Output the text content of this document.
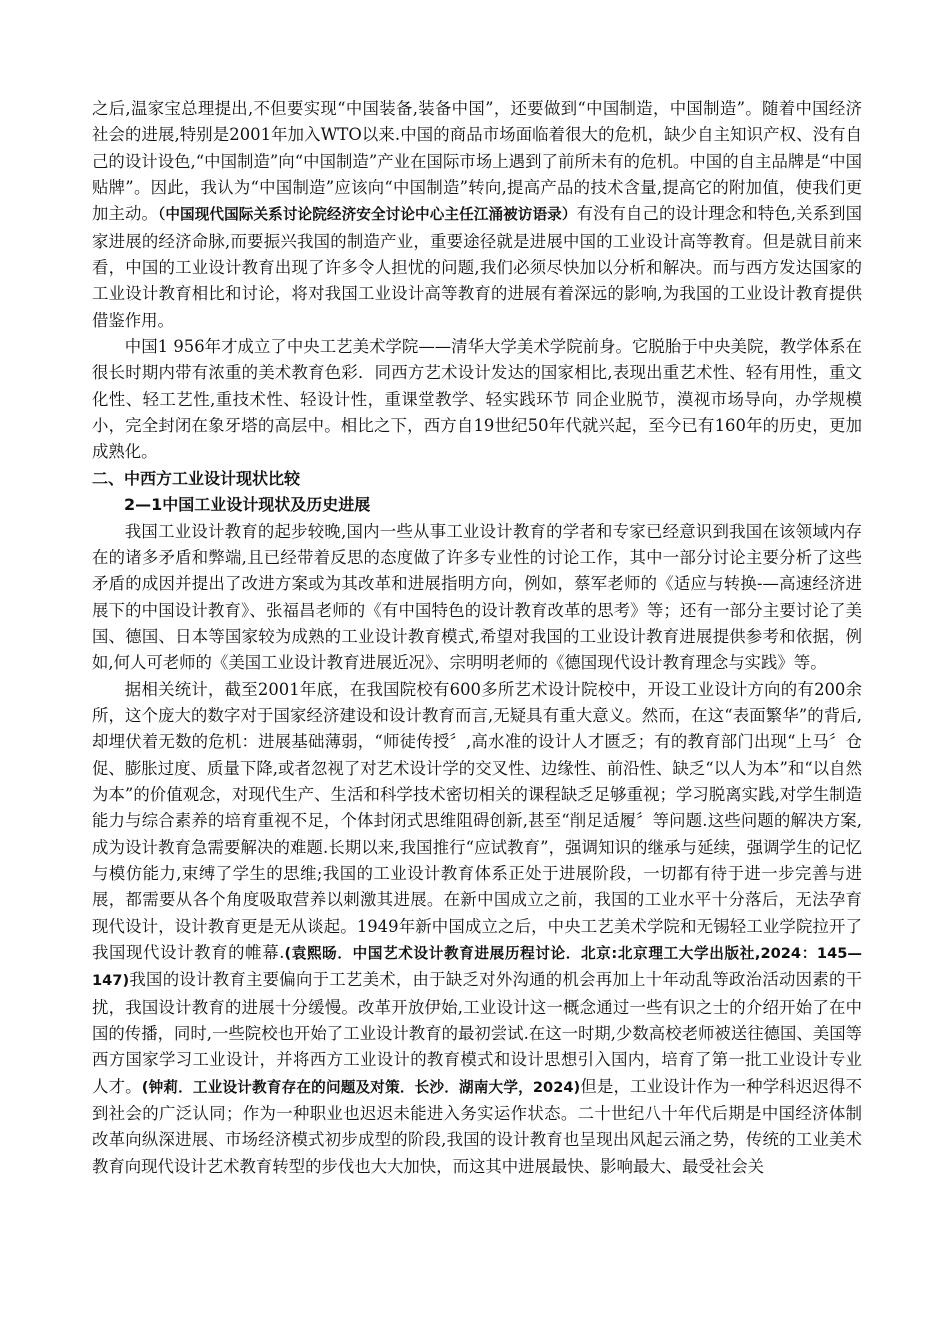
之后,温家宝总理提出,不但要实现“中国装备,装备中国”，还要做到“中国制造，中国制造”。随着中国经济社会的进展,特别是2001年加入WTO以来.中国的商品市场面临着很大的危机，缺少自主知识产权、没有自己的设计设色,“中国制造”向“中国制造”产业在国际市场上遇到了前所未有的危机。中国的自主品牌是“中国贴牌”。因此，我认为“中国制造”应该向“中国制造”转向,提高产品的技术含量,提高它的附加值，使我们更加主动。（中国现代国际关系讨论院经济安全讨论中心主任江涌被访语录）有没有自己的设计理念和特色,关系到国家进展的经济命脉,而要振兴我国的制造产业，重要途径就是进展中国的工业设计高等教育。但是就目前来看，中国的工业设计教育出现了许多令人担忧的问题,我们必须尽快加以分析和解决。而与西方发达国家的工业设计教育相比和讨论，将对我国工业设计高等教育的进展有着深远的影响,为我国的工业设计教育提供借鉴作用。

中国1 956年才成立了中央工艺美术学院——清华大学美术学院前身。它脱胎于中央美院，教学体系在很长时期内带有浓重的美术教育色彩．同西方艺术设计发达的国家相比,表现出重艺术性、轻有用性，重文化性、轻工艺性,重技术性、轻设计性，重课堂教学、轻实践环节 同企业脱节，漠视市场导向，办学规模小，完全封闭在象牙塔的高层中。相比之下，西方自19世纪50年代就兴起，至今已有160年的历史，更加成熟化。

二、中西方工业设计现状比较

2—1中国工业设计现状及历史进展

我国工业设计教育的起步较晚,国内一些从事工业设计教育的学者和专家已经意识到我国在该领域内存在的诸多矛盾和弊端,且已经带着反思的态度做了许多专业性的讨论工作，其中一部分讨论主要分析了这些矛盾的成因并提出了改进方案或为其改革和进展指明方向，例如，蔡军老师的《适应与转换-—高速经济进展下的中国设计教育》、张福昌老师的《有中国特色的设计教育改革的思考》等；还有一部分主要讨论了美国、德国、日本等国家较为成熟的工业设计教育模式,希望对我国的工业设计教育进展提供参考和依据，例如,何人可老师的《美国工业设计教育进展近况》、宗明明老师的《德国现代设计教育理念与实践》等。

据相关统计，截至2001年底，在我国院校有600多所艺术设计院校中，开设工业设计方向的有200余所，这个庞大的数字对于国家经济建设和设计教育而言,无疑具有重大意义。然而，在这“表面繁华”的背后,却埋伏着无数的危机：进展基础薄弱，“师徒传授〞,高水准的设计人才匮乏；有的教育部门出现“上马〞仓促、膨胀过度、质量下降,或者忽视了对艺术设计学的交叉性、边缘性、前沿性、缺乏“以人为本”和“以自然为本”的价值观念，对现代生产、生活和科学技术密切相关的课程缺乏足够重视；学习脱离实践,对学生制造能力与综合素养的培育重视不足，个体封闭式思维阻碍创新,甚至“削足适履〞等问题.这些问题的解决方案,成为设计教育急需要解决的难题.长期以来,我国推行“应试教育”，强调知识的继承与延续，强调学生的记忆与模仿能力,束缚了学生的思维;我国的工业设计教育体系正处于进展阶段，一切都有待于进一步完善与进展，都需要从各个角度吸取营养以刺激其进展。在新中国成立之前，我国的工业水平十分落后，无法孕育现代设计，设计教育更是无从谈起。1949年新中国成立之后，中央工艺美术学院和无锡轻工业学院拉开了我国现代设计教育的帷幕.(袁熙旸．中国艺术设计教育进展历程讨论．北京:北京理工大学出版社,2024：145—147)我国的设计教育主要偏向于工艺美术，由于缺乏对外沟通的机会再加上十年动乱等政治活动因素的干扰，我国设计教育的进展十分缓慢。改革开放伊始,工业设计这一概念通过一些有识之士的介绍开始了在中国的传播，同时,一些院校也开始了工业设计教育的最初尝试.在这一时期,少数高校老师被送往德国、美国等西方国家学习工业设计，并将西方工业设计的教育模式和设计思想引入国内，培育了第一批工业设计专业人才。(钟莉．工业设计教育存在的问题及对策．长沙．湖南大学，2024)但是，工业设计作为一种学科迟迟得不到社会的广泛认同；作为一种职业也迟迟未能进入务实运作状态。二十世纪八十年代后期是中国经济体制改革向纵深进展、市场经济模式初步成型的阶段,我国的设计教育也呈现出风起云涌之势，传统的工业美术教育向现代设计艺术教育转型的步伐也大大加快，而这其中进展最快、影响最大、最受社会关
